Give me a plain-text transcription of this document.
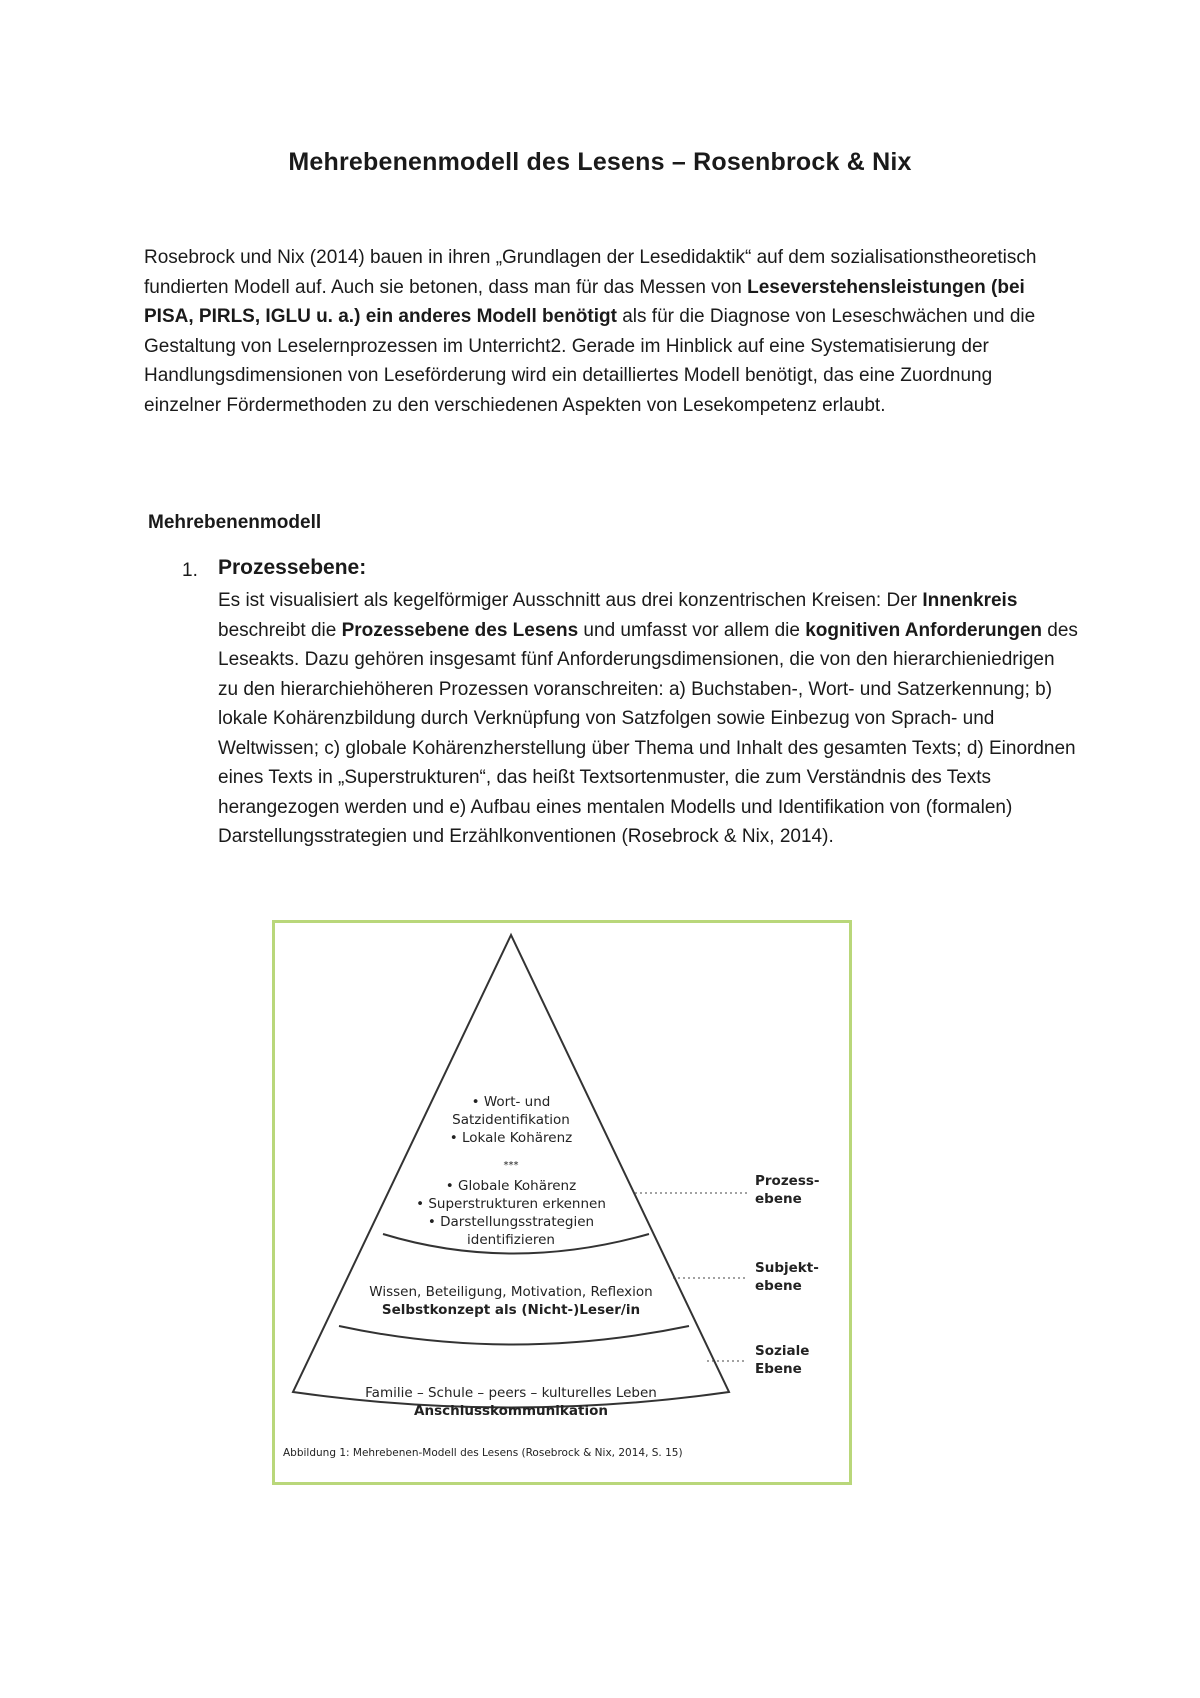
Mehrebenenmodell des Lesens – Rosenbrock & Nix

Rosebrock und Nix (2014) bauen in ihren „Grundlagen der Lesedidaktik“ auf dem sozialisationstheoretisch fundierten Modell auf. Auch sie betonen, dass man für das Messen von Leseverstehensleistungen (bei PISA, PIRLS, IGLU u. a.) ein anderes Modell benötigt als für die Diagnose von Leseschwächen und die Gestaltung von Leselernprozessen im Unterricht2. Gerade im Hinblick auf eine Systematisierung der Handlungsdimensionen von Leseförderung wird ein detailliertes Modell benötigt, das eine Zuordnung einzelner Fördermethoden zu den verschiedenen Aspekten von Lesekompetenz erlaubt.

Mehrebenenmodell
1. Prozessebene:
Es ist visualisiert als kegelförmiger Ausschnitt aus drei konzentrischen Kreisen: Der Innenkreis beschreibt die Prozessebene des Lesens und umfasst vor allem die kognitiven Anforderungen des Leseakts. Dazu gehören insgesamt fünf Anforderungsdimensionen, die von den hierarchieniedrigen zu den hierarchiehöheren Prozessen voranschreiten: a) Buchstaben-, Wort- und Satzerkennung; b) lokale Kohärenzbildung durch Verknüpfung von Satzfolgen sowie Einbezug von Sprach- und Weltwissen; c) globale Kohärenzherstellung über Thema und Inhalt des gesamten Texts; d) Einordnen eines Texts in „Superstrukturen“, das heißt Textsortenmuster, die zum Verständnis des Texts herangezogen werden und e) Aufbau eines mentalen Modells und Identifikation von (formalen) Darstellungsstrategien und Erzählkonventionen (Rosebrock & Nix, 2014).
• Wort- und
Satzidentifikation
• Lokale Kohärenz
***
• Globale Kohärenz
• Superstrukturen erkennen
• Darstellungsstrategien
identifizieren
Wissen, Beteiligung, Motivation, Reflexion
Selbstkonzept als (Nicht-)Leser/in
Familie – Schule – peers – kulturelles Leben
Anschlusskommunikation
Prozess-
ebene
Subjekt-
ebene
Soziale
Ebene
Abbildung 1: Mehrebenen-Modell des Lesens (Rosebrock & Nix, 2014, S. 15)
